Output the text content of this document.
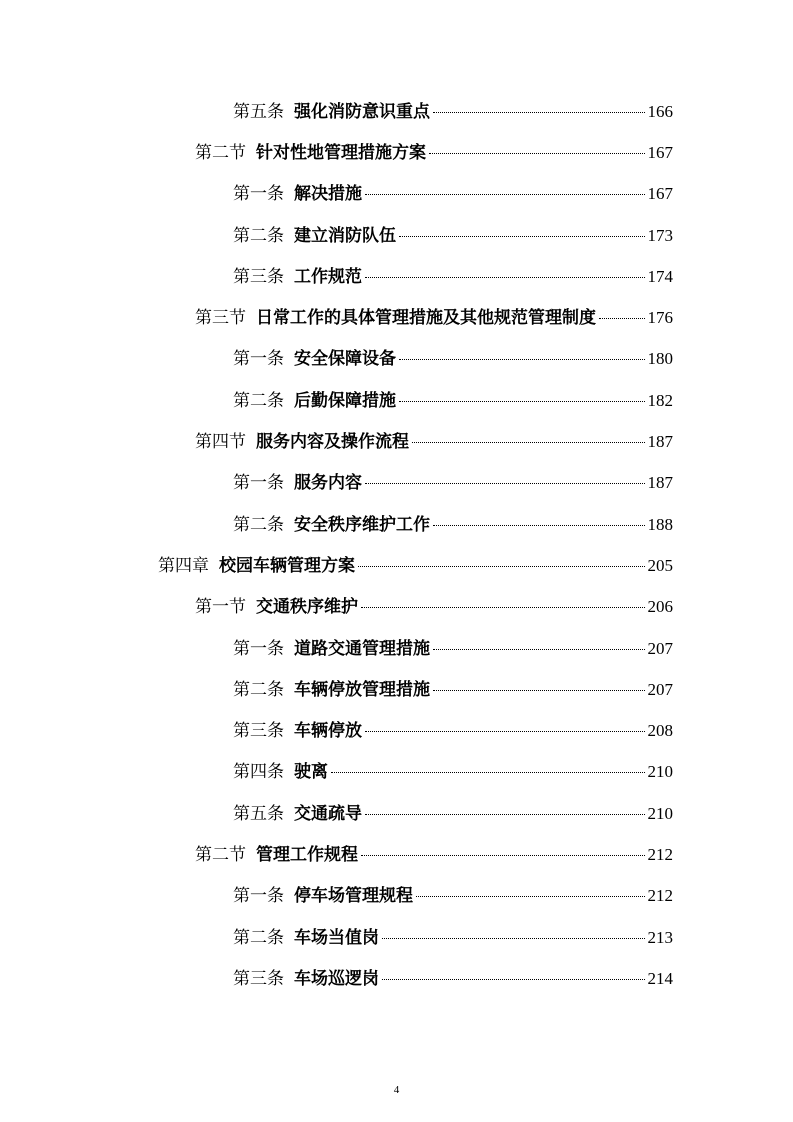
第五条 强化消防意识重点	166
第二节 针对性地管理措施方案	167
第一条 解决措施	167
第二条 建立消防队伍	173
第三条 工作规范	174
第三节 日常工作的具体管理措施及其他规范管理制度	176
第一条 安全保障设备	180
第二条 后勤保障措施	182
第四节 服务内容及操作流程	187
第一条 服务内容	187
第二条 安全秩序维护工作	188
第四章 校园车辆管理方案	205
第一节 交通秩序维护	206
第一条 道路交通管理措施	207
第二条 车辆停放管理措施	207
第三条 车辆停放	208
第四条 驶离	210
第五条 交通疏导	210
第二节 管理工作规程	212
第一条 停车场管理规程	212
第二条 车场当值岗	213
第三条 车场巡逻岗	214
4
